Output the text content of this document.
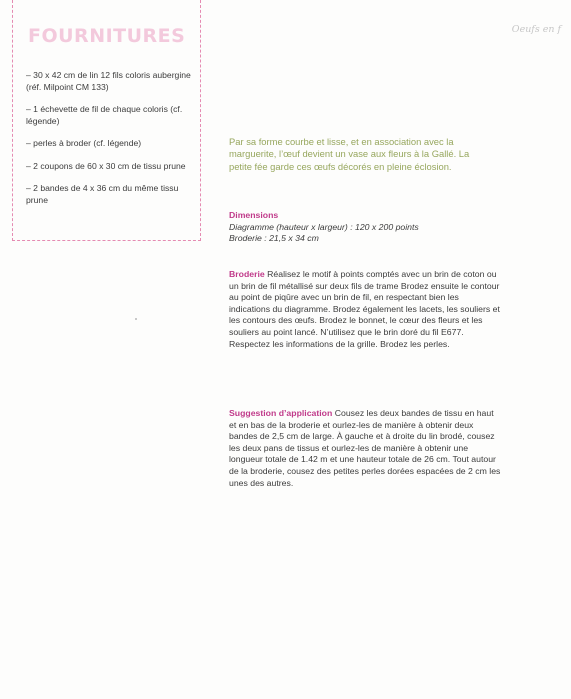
FOURNITURES
– 30 x 42 cm de lin 12 fils coloris aubergine (réf. Milpoint CM 133)
– 1 échevette de fil de chaque coloris (cf. légende)
– perles à broder (cf. légende)
– 2 coupons de 60 x 30 cm de tissu prune
– 2 bandes de 4 x 36 cm du même tissu prune
Oeufs en f

Par sa forme courbe et lisse, et en association avec la marguerite, l’œuf devient un vase aux fleurs à la Gallé. La petite fée garde ces œufs décorés en pleine éclosion.

Dimensions
Diagramme (hauteur x largeur) : 120 x 200 points
Broderie : 21,5 x 34 cm

Broderie Réalisez le motif à points comptés avec un brin de coton ou un brin de fil métallisé sur deux fils de trame Brodez ensuite le contour au point de piqûre avec un brin de fil, en respectant bien les indications du diagramme. Brodez également les lacets, les souliers et les contours des œufs. Brodez le bonnet, le cœur des fleurs et les souliers au point lancé. N’utilisez que le brin doré du fil E677. Respectez les informations de la grille. Brodez les perles.

Suggestion d’application Cousez les deux bandes de tissu en haut et en bas de la broderie et ourlez-les de manière à obtenir deux bandes de 2,5 cm de large. À gauche et à droite du lin brodé, cousez les deux pans de tissus et ourlez-les de manière à obtenir une longueur totale de 1.42 m et une hauteur totale de 26 cm. Tout autour de la broderie, cousez des petites perles dorées espacées de 2 cm les unes des autres.
